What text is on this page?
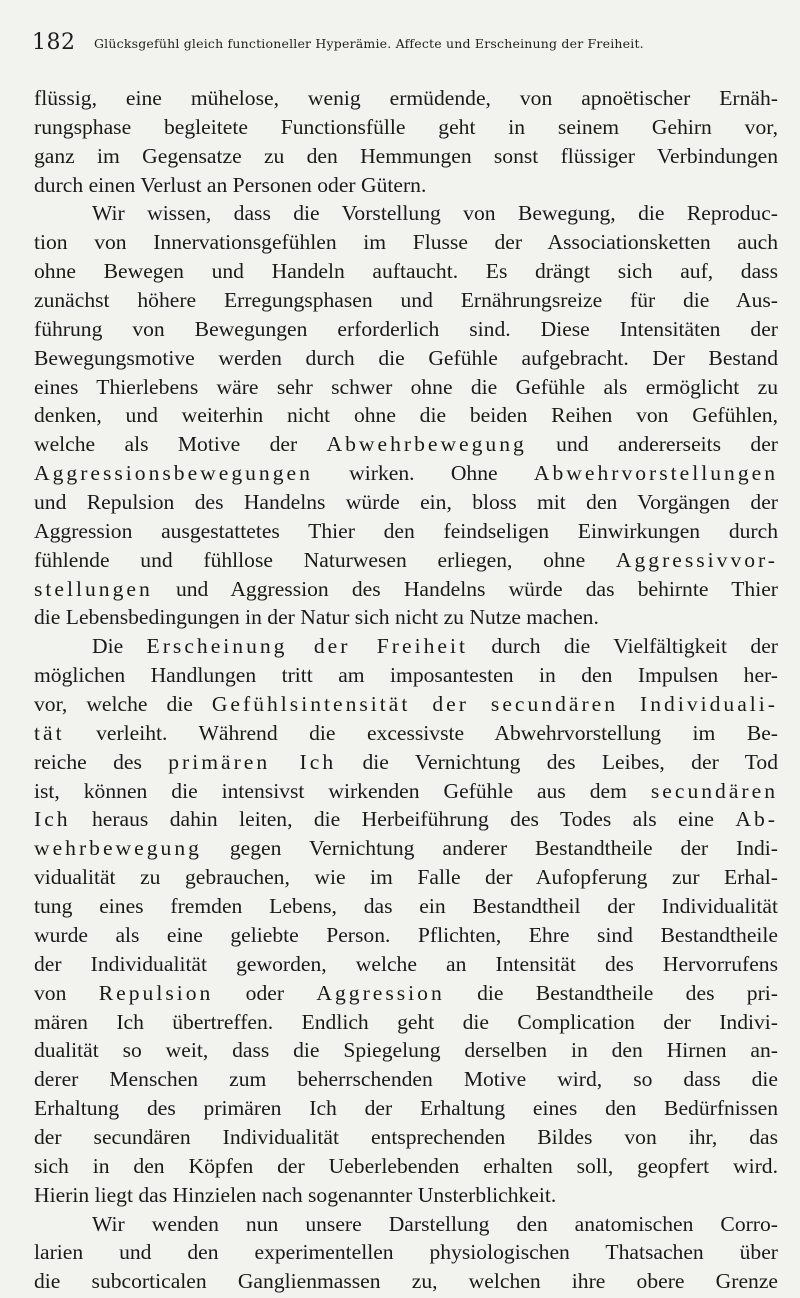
182 Glücksgefühl gleich functioneller Hyperämie. Affecte und Erscheinung der Freiheit.
flüssig, eine mühelose, wenig ermüdende, von apnoëtischer Ernäh-
rungsphase begleitete Functionsfülle geht in seinem Gehirn vor,
ganz im Gegensatze zu den Hemmungen sonst flüssiger Verbindungen
durch einen Verlust an Personen oder Gütern.
Wir wissen, dass die Vorstellung von Bewegung, die Reproduc-
tion von Innervationsgefühlen im Flusse der Associationsketten auch
ohne Bewegen und Handeln auftaucht. Es drängt sich auf, dass
zunächst höhere Erregungsphasen und Ernährungsreize für die Aus-
führung von Bewegungen erforderlich sind. Diese Intensitäten der
Bewegungsmotive werden durch die Gefühle aufgebracht. Der Bestand
eines Thierlebens wäre sehr schwer ohne die Gefühle als ermöglicht zu
denken, und weiterhin nicht ohne die beiden Reihen von Gefühlen,
welche als Motive der Abwehrbewegung und andererseits der
Aggressionsbewegungen wirken. Ohne Abwehrvorstellungen
und Repulsion des Handelns würde ein, bloss mit den Vorgängen der
Aggression ausgestattetes Thier den feindseligen Einwirkungen durch
fühlende und fühllose Naturwesen erliegen, ohne Aggressivvor-
stellungen und Aggression des Handelns würde das behirnte Thier
die Lebensbedingungen in der Natur sich nicht zu Nutze machen.
Die Erscheinung der Freiheit durch die Vielfältigkeit der
möglichen Handlungen tritt am imposantesten in den Impulsen her-
vor, welche die Gefühlsintensität der secundären Individuali-
tät verleiht. Während die excessivste Abwehrvorstellung im Be-
reiche des primären Ich die Vernichtung des Leibes, der Tod
ist, können die intensivst wirkenden Gefühle aus dem secundären
Ich heraus dahin leiten, die Herbeiführung des Todes als eine Ab-
wehrbewegung gegen Vernichtung anderer Bestandtheile der Indi-
vidualität zu gebrauchen, wie im Falle der Aufopferung zur Erhal-
tung eines fremden Lebens, das ein Bestandtheil der Individualität
wurde als eine geliebte Person. Pflichten, Ehre sind Bestandtheile
der Individualität geworden, welche an Intensität des Hervorrufens
von Repulsion oder Aggression die Bestandtheile des pri-
mären Ich übertreffen. Endlich geht die Complication der Indivi-
dualität so weit, dass die Spiegelung derselben in den Hirnen an-
derer Menschen zum beherrschenden Motive wird, so dass die
Erhaltung des primären Ich der Erhaltung eines den Bedürfnissen
der secundären Individualität entsprechenden Bildes von ihr, das
sich in den Köpfen der Ueberlebenden erhalten soll, geopfert wird.
Hierin liegt das Hinzielen nach sogenannter Unsterblichkeit.
Wir wenden nun unsere Darstellung den anatomischen Corro-
larien und den experimentellen physiologischen Thatsachen über
die subcorticalen Ganglienmassen zu, welchen ihre obere Grenze
